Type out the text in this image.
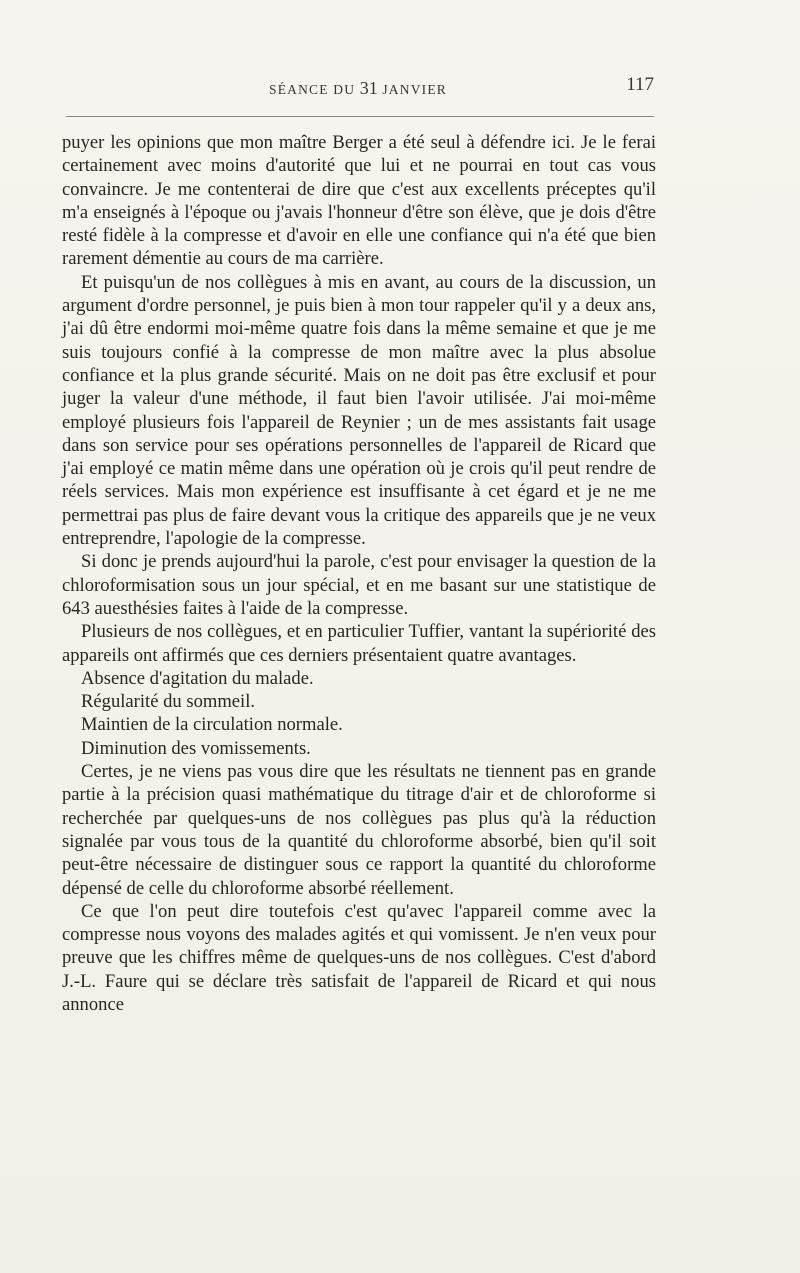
SÉANCE DU 31 JANVIER	117

puyer les opinions que mon maître Berger a été seul à défendre ici. Je le ferai certainement avec moins d'autorité que lui et ne pourrai en tout cas vous convaincre. Je me contenterai de dire que c'est aux excellents préceptes qu'il m'a enseignés à l'époque ou j'avais l'honneur d'être son élève, que je dois d'être resté fidèle à la compresse et d'avoir en elle une confiance qui n'a été que bien rarement démentie au cours de ma carrière.

Et puisqu'un de nos collègues à mis en avant, au cours de la discussion, un argument d'ordre personnel, je puis bien à mon tour rappeler qu'il y a deux ans, j'ai dû être endormi moi-même quatre fois dans la même semaine et que je me suis toujours confié à la compresse de mon maître avec la plus absolue confiance et la plus grande sécurité. Mais on ne doit pas être exclusif et pour juger la valeur d'une méthode, il faut bien l'avoir utilisée. J'ai moi-même employé plusieurs fois l'appareil de Reynier ; un de mes assistants fait usage dans son service pour ses opérations personnelles de l'appareil de Ricard que j'ai employé ce matin même dans une opération où je crois qu'il peut rendre de réels services. Mais mon expérience est insuffisante à cet égard et je ne me permettrai pas plus de faire devant vous la critique des appareils que je ne veux entreprendre, l'apologie de la compresse.

Si donc je prends aujourd'hui la parole, c'est pour envisager la question de la chloroformisation sous un jour spécial, et en me basant sur une statistique de 643 auesthésies faites à l'aide de la compresse.

Plusieurs de nos collègues, et en particulier Tuffier, vantant la supériorité des appareils ont affirmés que ces derniers présentaient quatre avantages.

Absence d'agitation du malade.

Régularité du sommeil.

Maintien de la circulation normale.

Diminution des vomissements.

Certes, je ne viens pas vous dire que les résultats ne tiennent pas en grande partie à la précision quasi mathématique du titrage d'air et de chloroforme si recherchée par quelques-uns de nos collègues pas plus qu'à la réduction signalée par vous tous de la quantité du chloroforme absorbé, bien qu'il soit peut-être nécessaire de distinguer sous ce rapport la quantité du chloroforme dépensé de celle du chloroforme absorbé réellement.

Ce que l'on peut dire toutefois c'est qu'avec l'appareil comme avec la compresse nous voyons des malades agités et qui vomissent. Je n'en veux pour preuve que les chiffres même de quelques-uns de nos collègues. C'est d'abord J.-L. Faure qui se déclare très satisfait de l'appareil de Ricard et qui nous annonce
